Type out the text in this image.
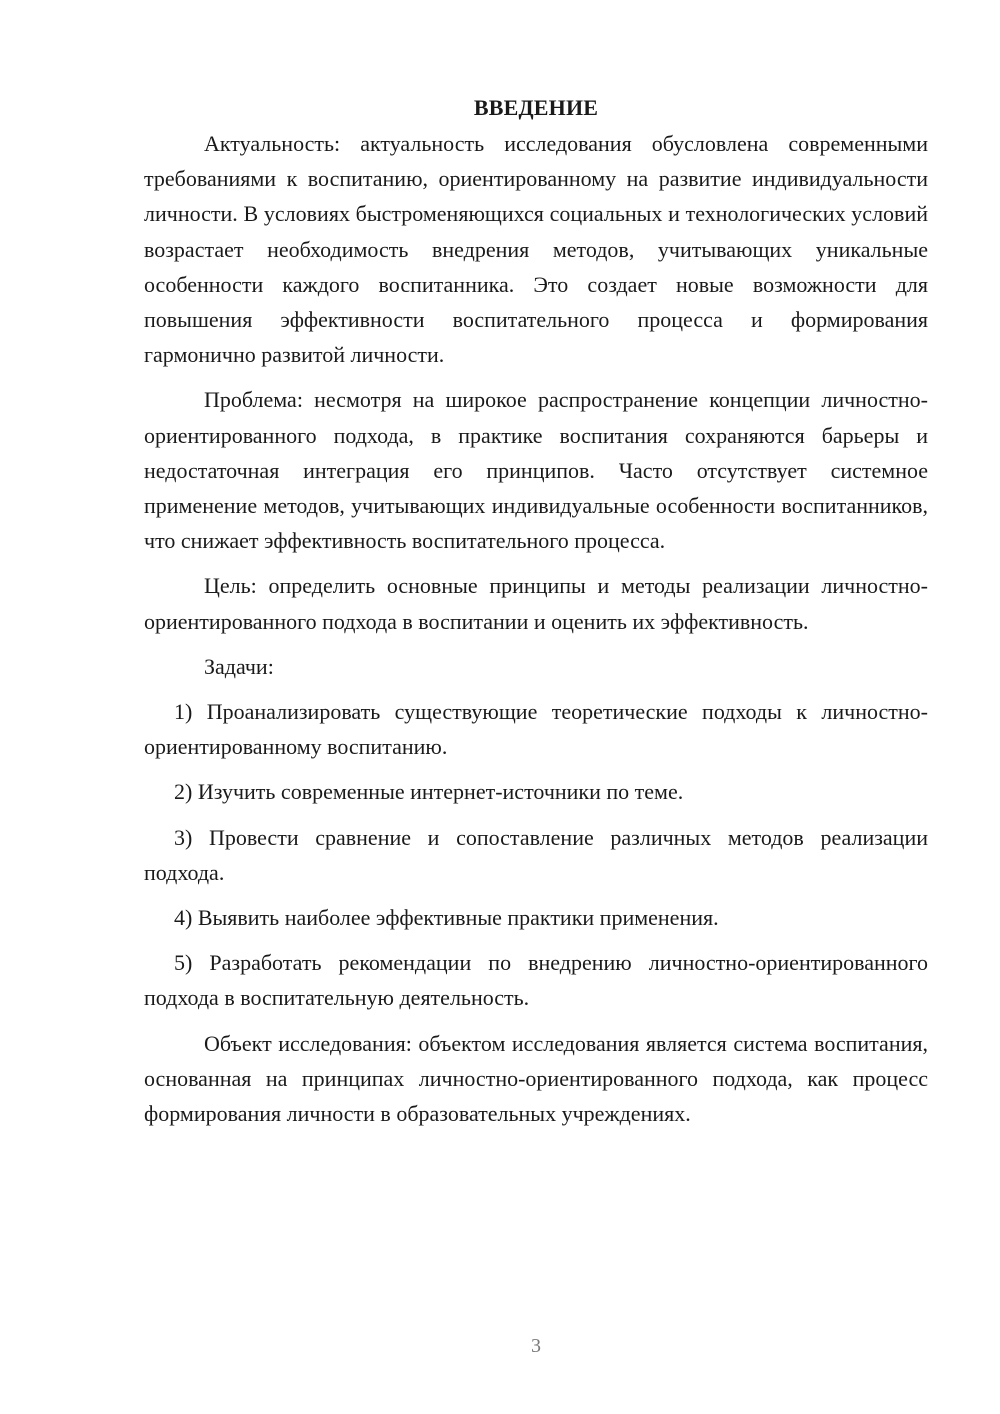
ВВЕДЕНИЕ

Актуальность: актуальность исследования обусловлена современными требованиями к воспитанию, ориентированному на развитие индивидуальности личности. В условиях быстроменяющихся социальных и технологических условий возрастает необходимость внедрения методов, учитывающих уникальные особенности каждого воспитанника. Это создает новые возможности для повышения эффективности воспитательного процесса и формирования гармонично развитой личности.

Проблема: несмотря на широкое распространение концепции личностно-ориентированного подхода, в практике воспитания сохраняются барьеры и недостаточная интеграция его принципов. Часто отсутствует системное применение методов, учитывающих индивидуальные особенности воспитанников, что снижает эффективность воспитательного процесса.

Цель: определить основные принципы и методы реализации личностно-ориентированного подхода в воспитании и оценить их эффективность.

Задачи:

1) Проанализировать существующие теоретические подходы к личностно-ориентированному воспитанию.

2) Изучить современные интернет-источники по теме.

3) Провести сравнение и сопоставление различных методов реализации подхода.

4) Выявить наиболее эффективные практики применения.

5) Разработать рекомендации по внедрению личностно-ориентированного подхода в воспитательную деятельность.

Объект исследования: объектом исследования является система воспитания, основанная на принципах личностно-ориентированного подхода, как процесс формирования личности в образовательных учреждениях.

3
